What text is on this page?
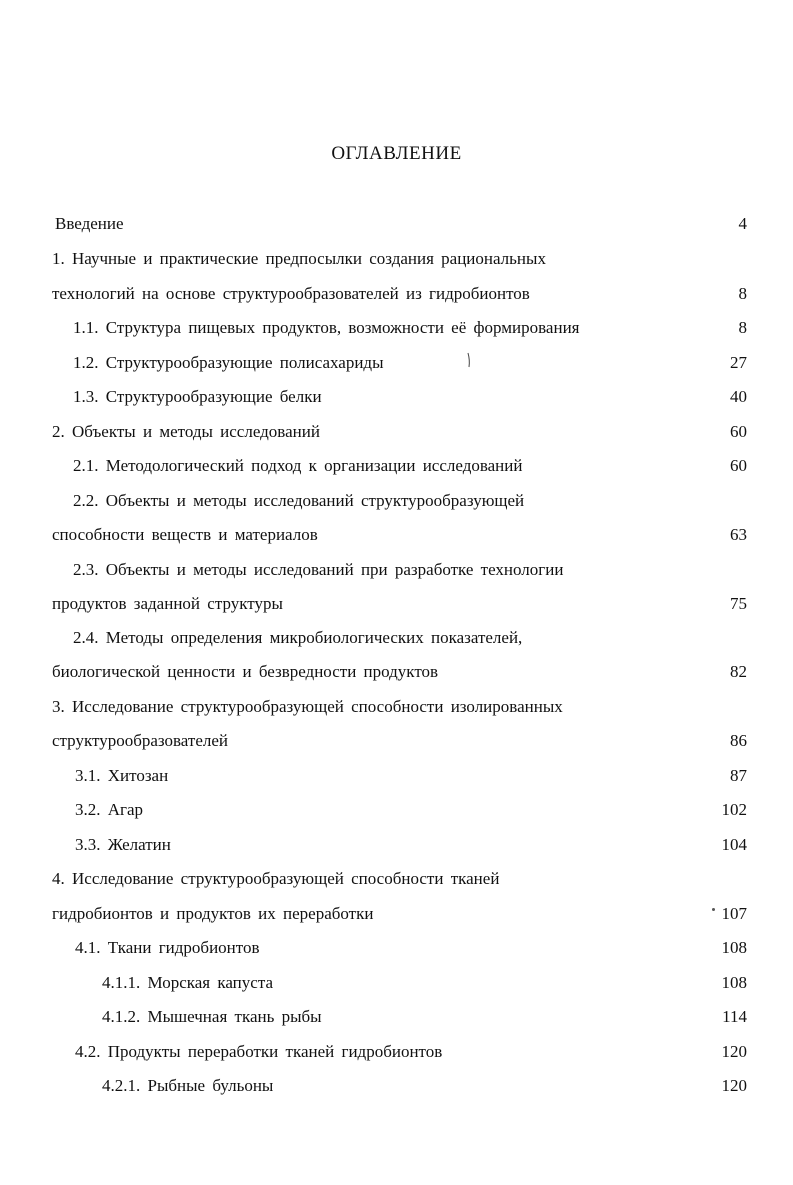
ОГЛАВЛЕНИЕ
Введение	4
1. Научные и практические предпосылки создания рациональных
технологий на основе структурообразователей из гидробионтов	8
1.1. Структура пищевых продуктов, возможности её формирования	8
1.2. Структурообразующие полисахариды	27
1.3. Структурообразующие белки	40
2. Объекты и методы исследований	60
2.1. Методологический подход к организации исследований	60
2.2. Объекты и методы исследований структурообразующей
способности веществ и материалов	63
2.3. Объекты и методы исследований при разработке технологии
продуктов заданной структуры	75
2.4. Методы определения микробиологических показателей,
биологической ценности и безвредности продуктов	82
3. Исследование структурообразующей способности изолированных
структурообразователей	86
3.1. Хитозан	87
3.2. Агар	102
3.3. Желатин	104
4. Исследование структурообразующей способности тканей
гидробионтов и продуктов их переработки	107
4.1. Ткани гидробионтов	108
4.1.1. Морская капуста	108
4.1.2. Мышечная ткань рыбы	114
4.2. Продукты переработки тканей гидробионтов	120
4.2.1. Рыбные бульоны	120
